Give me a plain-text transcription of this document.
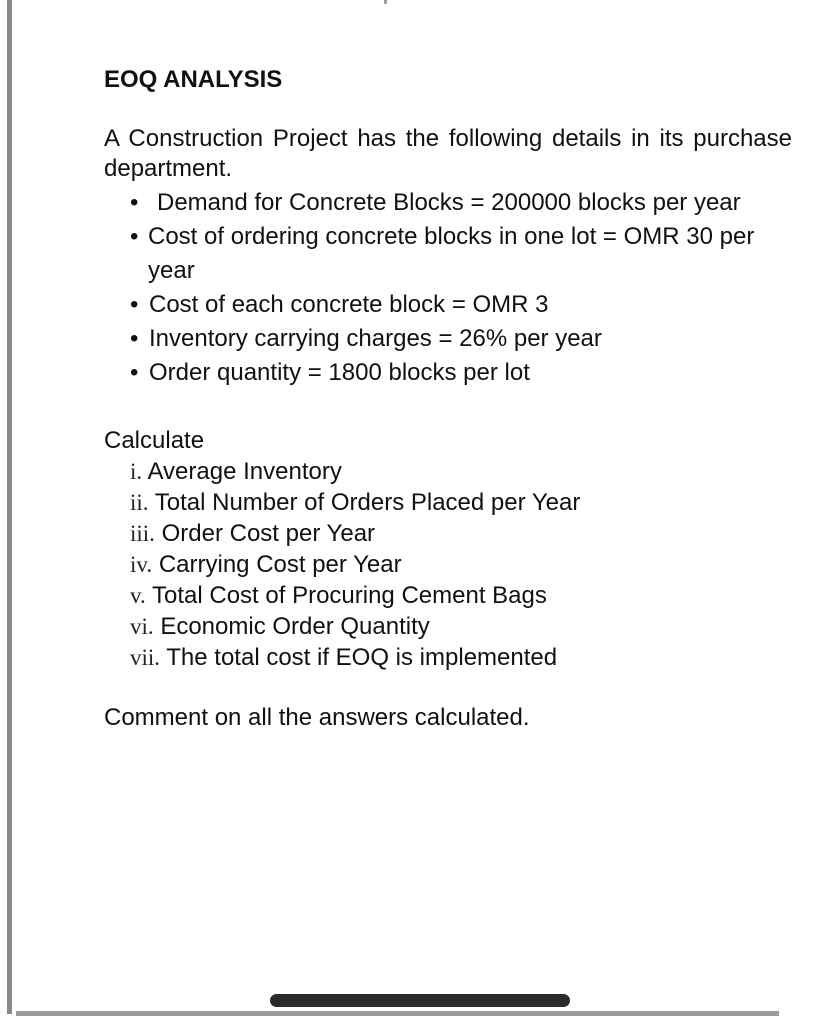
EOQ ANALYSIS

A Construction Project has the following details in its purchase department.

• Demand for Concrete Blocks = 200000 blocks per year
• Cost of ordering concrete blocks in one lot = OMR 30 per year
• Cost of each concrete block = OMR 3
• Inventory carrying charges = 26% per year
• Order quantity = 1800 blocks per lot

Calculate

i. Average Inventory
ii. Total Number of Orders Placed per Year
iii. Order Cost per Year
iv. Carrying Cost per Year
v. Total Cost of Procuring Cement Bags
vi. Economic Order Quantity
vii. The total cost if EOQ is implemented

Comment on all the answers calculated.
